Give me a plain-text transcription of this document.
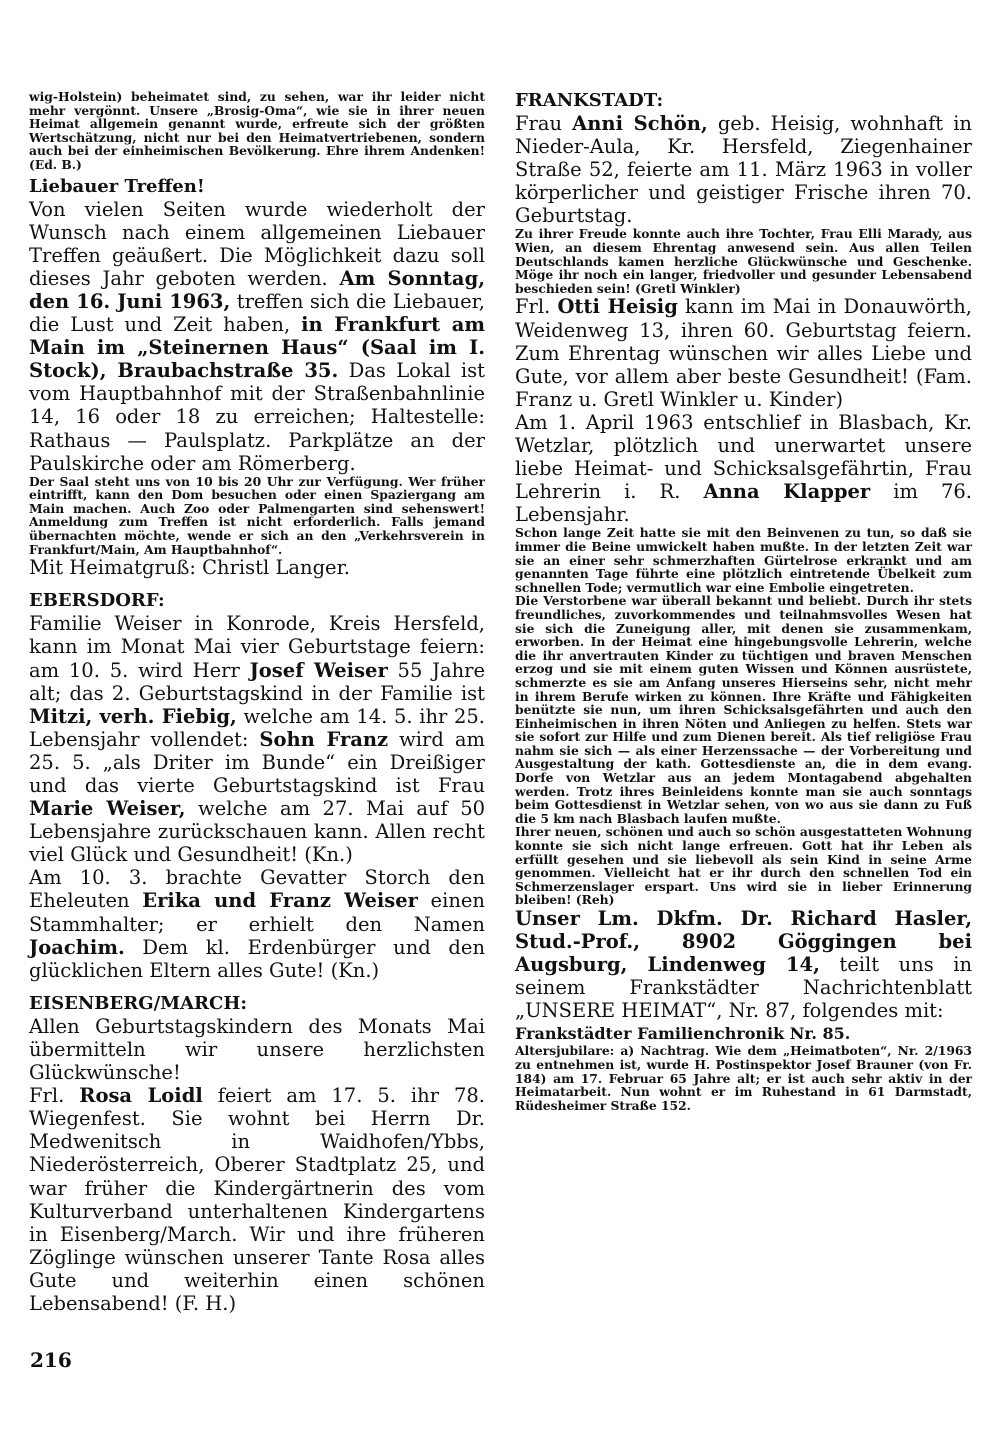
wig-Holstein) beheimatet sind, zu sehen, war ihr leider nicht mehr vergönnt. Unsere „Brosig-Oma“, wie sie in ihrer neuen Heimat allgemein genannt wurde, erfreute sich der größten Wertschätzung, nicht nur bei den Heimatvertriebenen, sondern auch bei der einheimischen Bevölkerung. Ehre ihrem Andenken! (Ed. B.)

Liebauer Treffen!

Von vielen Seiten wurde wiederholt der Wunsch nach einem allgemeinen Liebauer Treffen geäußert. Die Möglichkeit dazu soll dieses Jahr geboten werden. Am Sonntag, den 16. Juni 1963, treffen sich die Liebauer, die Lust und Zeit haben, in Frankfurt am Main im „Steinernen Haus“ (Saal im I. Stock), Braubachstraße 35. Das Lokal ist vom Hauptbahnhof mit der Straßenbahnlinie 14, 16 oder 18 zu erreichen; Haltestelle: Rathaus — Paulsplatz. Parkplätze an der Paulskirche oder am Römerberg.

Der Saal steht uns von 10 bis 20 Uhr zur Verfügung. Wer früher eintrifft, kann den Dom besuchen oder einen Spaziergang am Main machen. Auch Zoo oder Palmengarten sind sehenswert! Anmeldung zum Treffen ist nicht erforderlich. Falls jemand übernachten möchte, wende er sich an den „Verkehrsverein in Frankfurt/Main, Am Hauptbahnhof“.

Mit Heimatgruß: Christl Langer.

EBERSDORF:

Familie Weiser in Konrode, Kreis Hersfeld, kann im Monat Mai vier Geburtstage feiern: am 10. 5. wird Herr Josef Weiser 55 Jahre alt; das 2. Geburtstagskind in der Familie ist Mitzi, verh. Fiebig, welche am 14. 5. ihr 25. Lebensjahr vollendet: Sohn Franz wird am 25. 5. „als Driter im Bunde“ ein Dreißiger und das vierte Geburtstagskind ist Frau Marie Weiser, welche am 27. Mai auf 50 Lebensjahre zurückschauen kann. Allen recht viel Glück und Gesundheit! (Kn.)

Am 10. 3. brachte Gevatter Storch den Eheleuten Erika und Franz Weiser einen Stammhalter; er erhielt den Namen Joachim. Dem kl. Erdenbürger und den glücklichen Eltern alles Gute! (Kn.)

EISENBERG/MARCH:

Allen Geburtstagskindern des Monats Mai übermitteln wir unsere herzlichsten Glückwünsche!

Frl. Rosa Loidl feiert am 17. 5. ihr 78. Wiegenfest. Sie wohnt bei Herrn Dr. Medwenitsch in Waidhofen/Ybbs, Niederösterreich, Oberer Stadtplatz 25, und war früher die Kindergärtnerin des vom Kulturverband unterhaltenen Kindergartens in Eisenberg/March. Wir und ihre früheren Zöglinge wünschen unserer Tante Rosa alles Gute und weiterhin einen schönen Lebensabend! (F. H.)

FRANKSTADT:

Frau Anni Schön, geb. Heisig, wohnhaft in Nieder-Aula, Kr. Hersfeld, Ziegenhainer Straße 52, feierte am 11. März 1963 in voller körperlicher und geistiger Frische ihren 70. Geburtstag.

Zu ihrer Freude konnte auch ihre Tochter, Frau Elli Marady, aus Wien, an diesem Ehrentag anwesend sein. Aus allen Teilen Deutschlands kamen herzliche Glückwünsche und Geschenke. Möge ihr noch ein langer, friedvoller und gesunder Lebensabend beschieden sein! (Gretl Winkler)

Frl. Otti Heisig kann im Mai in Donauwörth, Weidenweg 13, ihren 60. Geburtstag feiern. Zum Ehrentag wünschen wir alles Liebe und Gute, vor allem aber beste Gesundheit! (Fam. Franz u. Gretl Winkler u. Kinder)

Am 1. April 1963 entschlief in Blasbach, Kr. Wetzlar, plötzlich und unerwartet unsere liebe Heimat- und Schicksalsgefährtin, Frau Lehrerin i. R. Anna Klapper im 76. Lebensjahr.

Schon lange Zeit hatte sie mit den Beinvenen zu tun, so daß sie immer die Beine umwickelt haben mußte. In der letzten Zeit war sie an einer sehr schmerzhaften Gürtelrose erkrankt und am genannten Tage führte eine plötzlich eintretende Übelkeit zum schnellen Tode; vermutlich war eine Embolie eingetreten.

Die Verstorbene war überall bekannt und beliebt. Durch ihr stets freundliches, zuvorkommendes und teilnahmsvolles Wesen hat sie sich die Zuneigung aller, mit denen sie zusammenkam, erworben. In der Heimat eine hingebungsvolle Lehrerin, welche die ihr anvertrauten Kinder zu tüchtigen und braven Menschen erzog und sie mit einem guten Wissen und Können ausrüstete, schmerzte es sie am Anfang unseres Hierseins sehr, nicht mehr in ihrem Berufe wirken zu können. Ihre Kräfte und Fähigkeiten benützte sie nun, um ihren Schicksalsgefährten und auch den Einheimischen in ihren Nöten und Anliegen zu helfen. Stets war sie sofort zur Hilfe und zum Dienen bereit. Als tief religiöse Frau nahm sie sich — als einer Herzenssache — der Vorbereitung und Ausgestaltung der kath. Gottesdienste an, die in dem evang. Dorfe von Wetzlar aus an jedem Montagabend abgehalten werden. Trotz ihres Beinleidens konnte man sie auch sonntags beim Gottesdienst in Wetzlar sehen, von wo aus sie dann zu Fuß die 5 km nach Blasbach laufen mußte.

Ihrer neuen, schönen und auch so schön ausgestatteten Wohnung konnte sie sich nicht lange erfreuen. Gott hat ihr Leben als erfüllt gesehen und sie liebevoll als sein Kind in seine Arme genommen. Vielleicht hat er ihr durch den schnellen Tod ein Schmerzenslager erspart. Uns wird sie in lieber Erinnerung bleiben! (Reh)

Unser Lm. Dkfm. Dr. Richard Hasler, Stud.-Prof., 8902 Göggingen bei Augsburg, Lindenweg 14, teilt uns in seinem Frankstädter Nachrichtenblatt „UNSERE HEIMAT“, Nr. 87, folgendes mit:

Frankstädter Familienchronik Nr. 85.

Altersjubilare: a) Nachtrag. Wie dem „Heimatboten“, Nr. 2/1963 zu entnehmen ist, wurde H. Postinspektor Josef Brauner (von Fr. 184) am 17. Februar 65 Jahre alt; er ist auch sehr aktiv in der Heimatarbeit. Nun wohnt er im Ruhestand in 61 Darmstadt, Rüdesheimer Straße 152.

216
